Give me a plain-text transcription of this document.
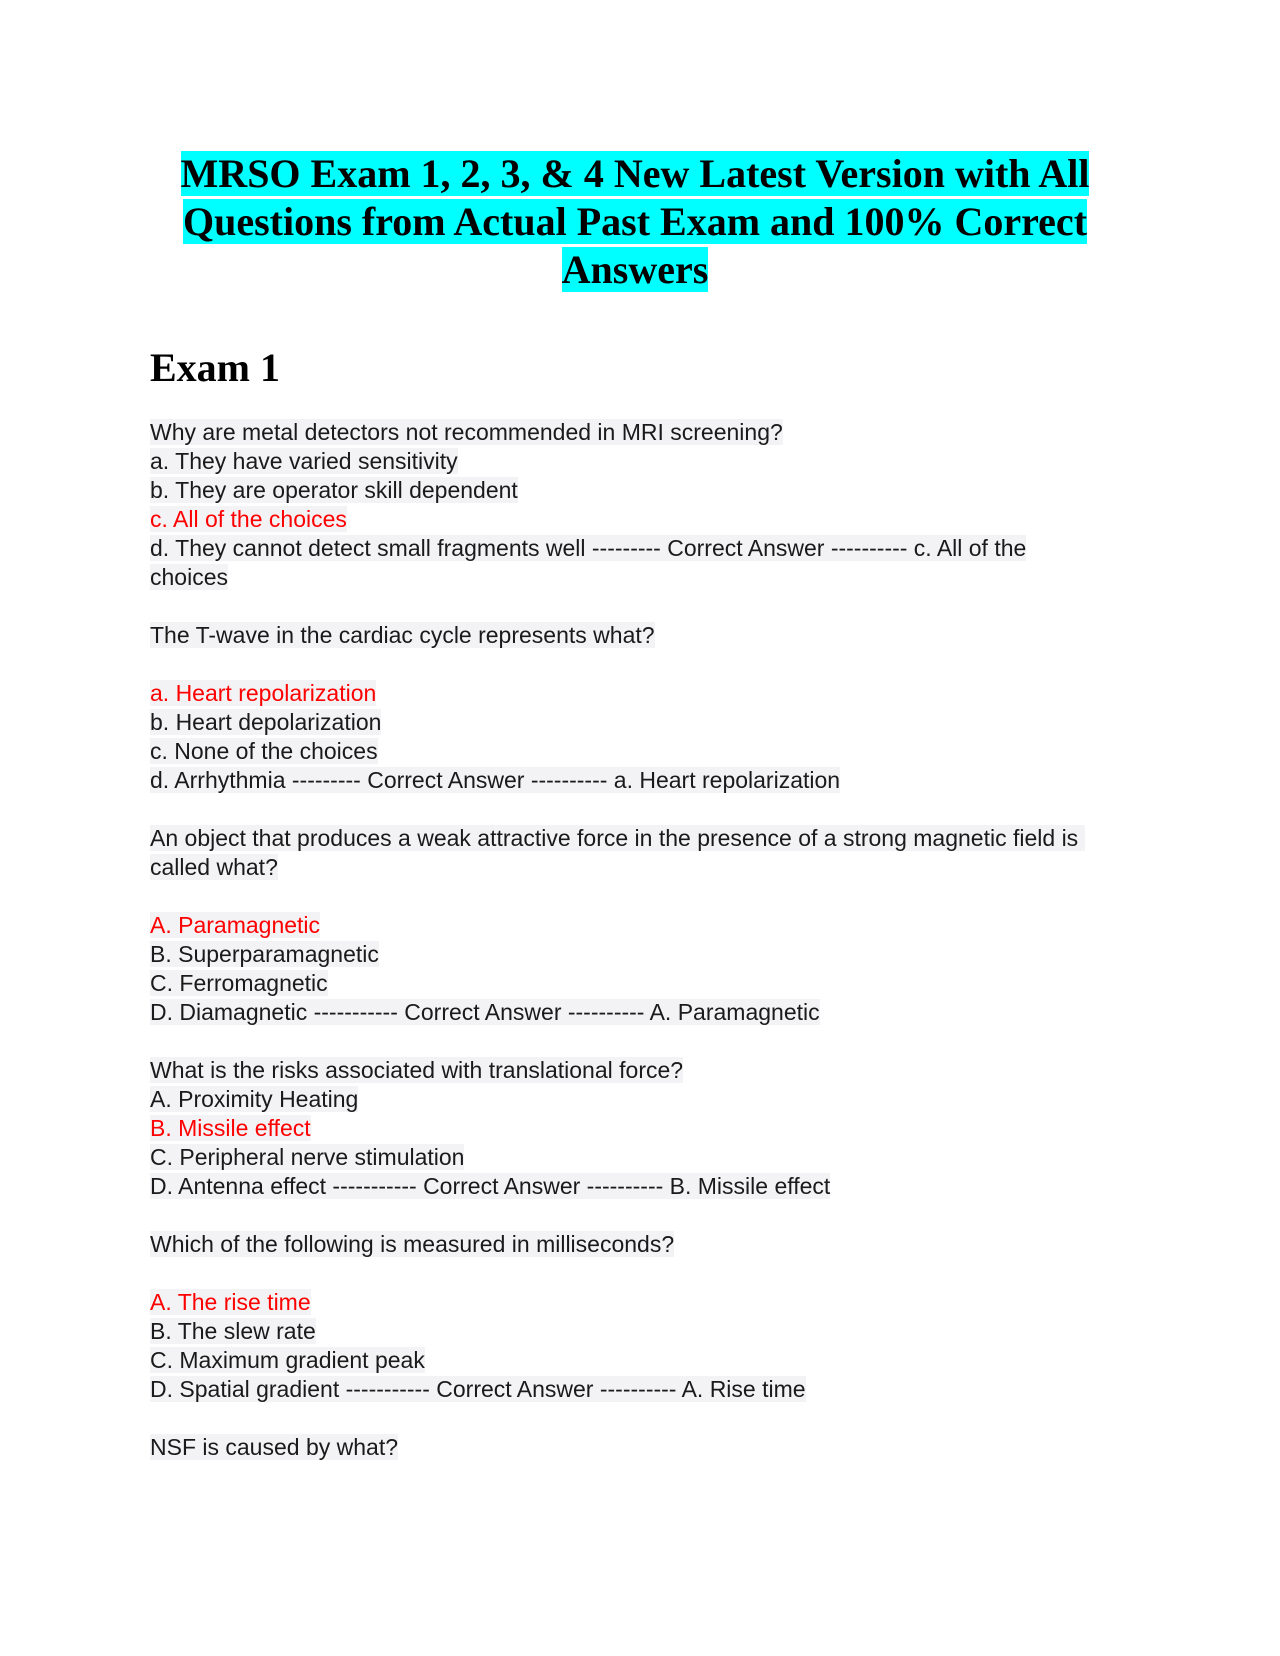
MRSO Exam 1, 2, 3, & 4 New Latest Version with All
Questions from Actual Past Exam and 100% Correct
Answers
Exam 1
Why are metal detectors not recommended in MRI screening?
a. They have varied sensitivity
b. They are operator skill dependent
c. All of the choices
d. They cannot detect small fragments well --------- Correct Answer ---------- c. All of the
choices
The T-wave in the cardiac cycle represents what?
a. Heart repolarization
b. Heart depolarization
c. None of the choices
d. Arrhythmia --------- Correct Answer ---------- a. Heart repolarization
An object that produces a weak attractive force in the presence of a strong magnetic field is called what?
A. Paramagnetic
B. Superparamagnetic
C. Ferromagnetic
D. Diamagnetic ----------- Correct Answer ---------- A. Paramagnetic
What is the risks associated with translational force?
A. Proximity Heating
B. Missile effect
C. Peripheral nerve stimulation
D. Antenna effect ----------- Correct Answer ---------- B. Missile effect
Which of the following is measured in milliseconds?
A. The rise time
B. The slew rate
C. Maximum gradient peak
D. Spatial gradient ----------- Correct Answer ---------- A. Rise time
NSF is caused by what?
